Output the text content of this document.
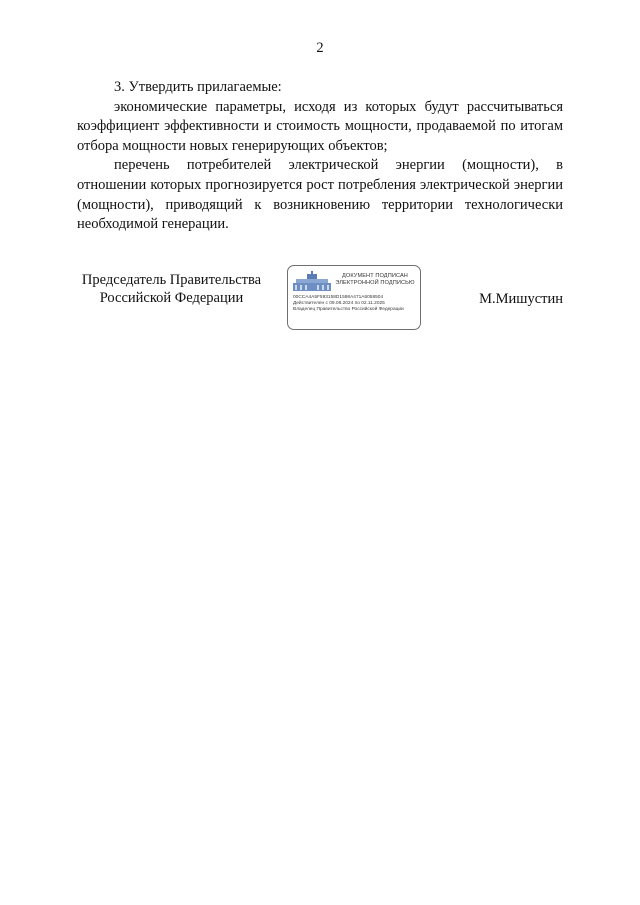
2

3. Утвердить прилагаемые:

экономические параметры, исходя из которых будут рассчитываться коэффициент эффективности и стоимость мощности, продаваемой по итогам отбора мощности новых генерирующих объектов;

перечень потребителей электрической энергии (мощности), в отношении которых прогнозируется рост потребления электрической энергии (мощности), приводящий к возникновению территории технологически необходимой генерации.

Председатель Правительства
Российской Федерации
ДОКУМЕНТ ПОДПИСАН
ЭЛЕКТРОННОЙ ПОДПИСЬЮ
00CCA4A5F593158D1598A471A6058504
Действителен с 09.08.2024 по 02.11.2025
Владелец Правительство Российской Федерации
М.Мишустин
